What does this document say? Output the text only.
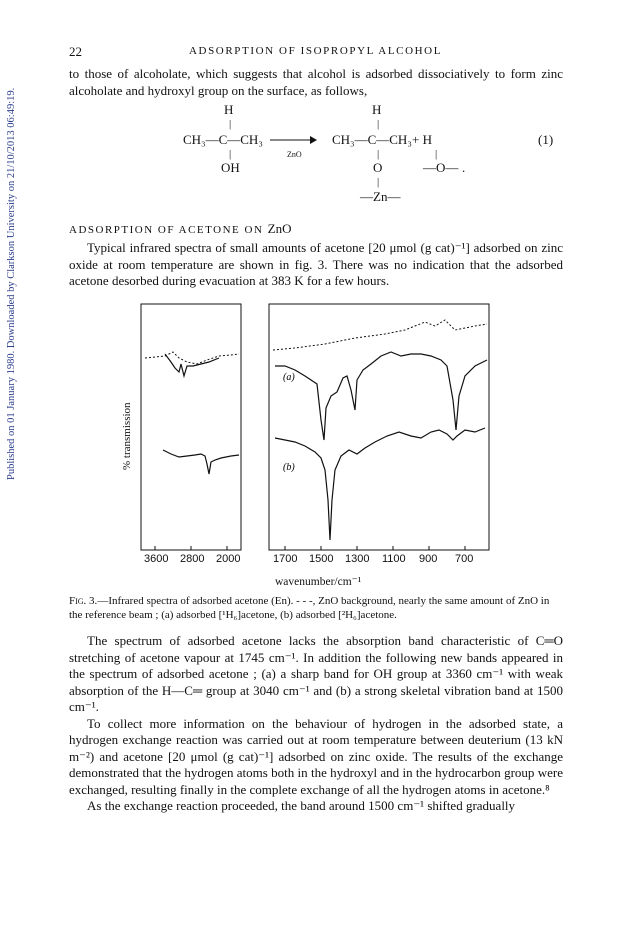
Published on 01 January 1980. Downloaded by Clarkson University on 21/10/2013 06:49:19.
22	ADSORPTION OF ISOPROPYL ALCOHOL
to those of alcoholate, which suggests that alcohol is adsorbed dissociatively to form zinc alcoholate and hydroxyl group on the surface, as follows,
H
|
CH₃—C—CH₃
|
OH
ZnO
H
|
CH₃—C—CH₃ + H
|	|
O	—O— .
|
—Zn—
(1)
ADSORPTION OF ACETONE ON ZnO
Typical infrared spectra of small amounts of acetone [20 μmol (g cat)⁻¹] adsorbed on zinc oxide at room temperature are shown in fig. 3. There was no indication that the adsorbed acetone desorbed during evacuation at 383 K for a few hours.
(a)
(b)
3600 2800 2000	1700 1500 1300 1100 900 700
% transmission
wavenumber/cm⁻¹
Fig. 3.—Infrared spectra of adsorbed acetone (En). - - -, ZnO background, nearly the same amount of ZnO in the reference beam ; (a) adsorbed [¹H₆]acetone, (b) adsorbed [²H₆]acetone.
The spectrum of adsorbed acetone lacks the absorption band characteristic of C═O stretching of acetone vapour at 1745 cm⁻¹. In addition the following new bands appeared in the spectrum of adsorbed acetone ; (a) a sharp band for OH group at 3360 cm⁻¹ with weak absorption of the H—C═ group at 3040 cm⁻¹ and (b) a strong skeletal vibration band at 1500 cm⁻¹.
To collect more information on the behaviour of hydrogen in the adsorbed state, a hydrogen exchange reaction was carried out at room temperature between deuterium (13 kN m⁻²) and acetone [20 μmol (g cat)⁻¹] adsorbed on zinc oxide. The results of the exchange demonstrated that the hydrogen atoms both in the hydroxyl and in the hydrocarbon group were exchanged, resulting finally in the complete exchange of all the hydrogen atoms in acetone.⁸
As the exchange reaction proceeded, the band around 1500 cm⁻¹ shifted gradually
